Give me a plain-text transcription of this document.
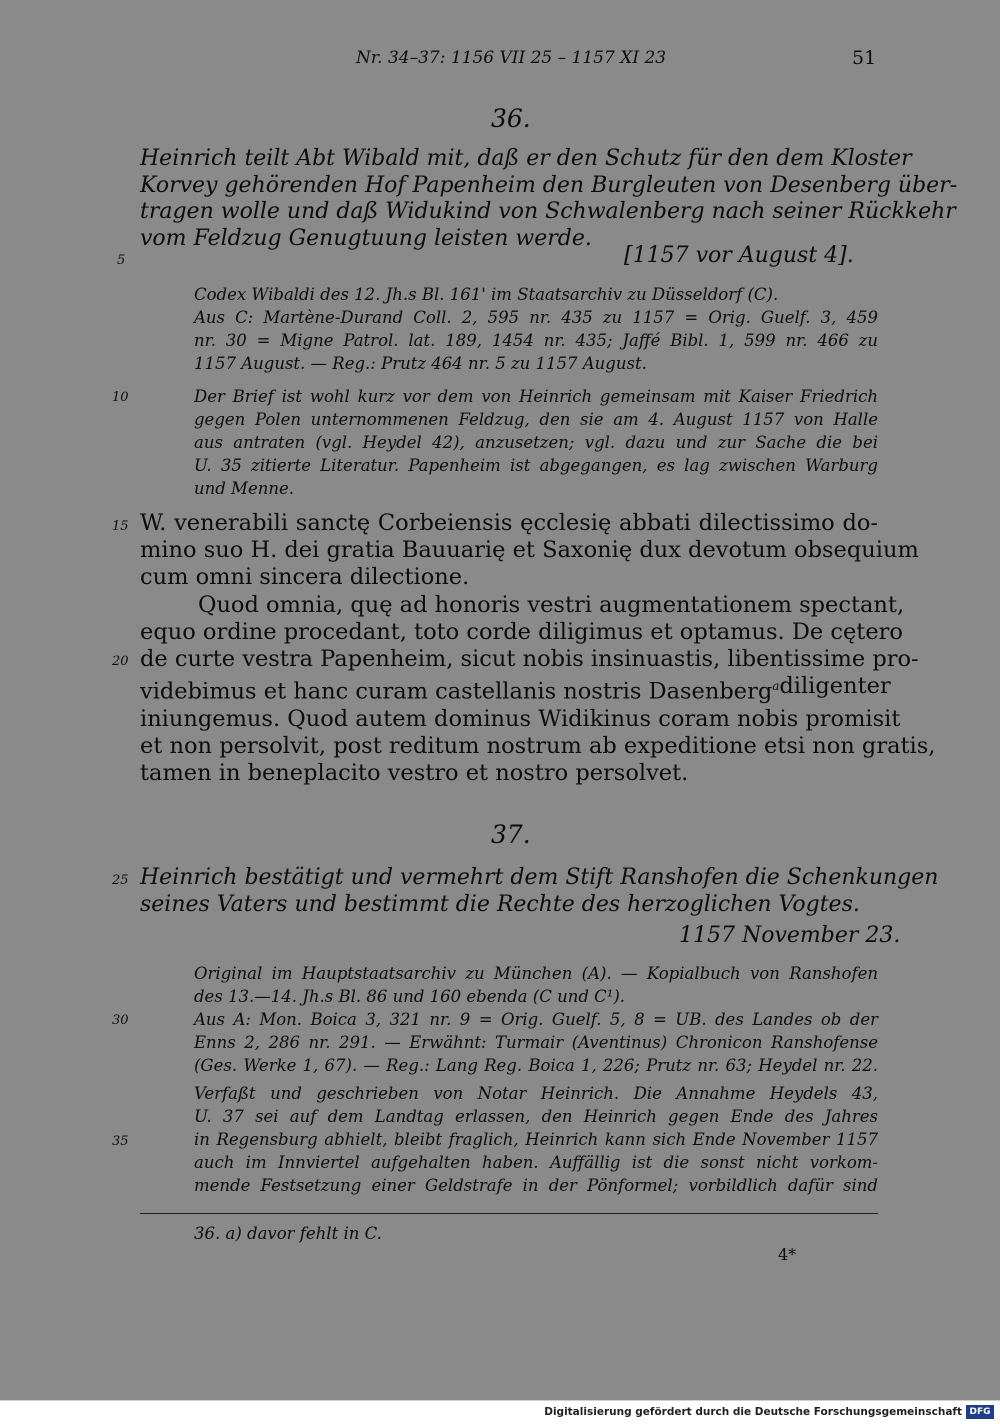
Nr. 34–37: 1156 VII 25 – 1157 XI 23	51
36.
Heinrich teilt Abt Wibald mit, daß er den Schutz für den dem Kloster
Korvey gehörenden Hof Papenheim den Burgleuten von Desenberg über-
tragen wolle und daß Widukind von Schwalenberg nach seiner Rückkehr
vom Feldzug Genugtuung leisten werde.
[1157 vor August 4].
Codex Wibaldi des 12. Jh.s Bl. 161' im Staatsarchiv zu Düsseldorf (C).
Aus C: Martène-Durand Coll. 2, 595 nr. 435 zu 1157 = Orig. Guelf. 3, 459
nr. 30 = Migne Patrol. lat. 189, 1454 nr. 435; Jaffé Bibl. 1, 599 nr. 466 zu
1157 August. — Reg.: Prutz 464 nr. 5 zu 1157 August.
Der Brief ist wohl kurz vor dem von Heinrich gemeinsam mit Kaiser Friedrich
gegen Polen unternommenen Feldzug, den sie am 4. August 1157 von Halle
aus antraten (vgl. Heydel 42), anzusetzen; vgl. dazu und zur Sache die bei
U. 35 zitierte Literatur. Papenheim ist abgegangen, es lag zwischen Warburg
und Menne.
W. venerabili sanctę Corbeiensis ęcclesię abbati dilectissimo do-
mino suo H. dei gratia Bauuarię et Saxonię dux devotum obsequium
cum omni sincera dilectione.
Quod omnia, quę ad honoris vestri augmentationem spectant,
equo ordine procedant, toto corde diligimus et optamus. De cętero
de curte vestra Papenheim, sicut nobis insinuastis, libentissime pro-
videbimus et hanc curam castellanis nostris Dasenberg$^a$ diligenter
iniungemus. Quod autem dominus Widikinus coram nobis promisit
et non persolvit, post reditum nostrum ab expeditione etsi non gratis,
tamen in beneplacito vestro et nostro persolvet.
37.
Heinrich bestätigt und vermehrt dem Stift Ranshofen die Schenkungen
seines Vaters und bestimmt die Rechte des herzoglichen Vogtes.
1157 November 23.
Original im Hauptstaatsarchiv zu München (A). — Kopialbuch von Ranshofen
des 13.—14. Jh.s Bl. 86 und 160 ebenda (C und C¹).
Aus A: Mon. Boica 3, 321 nr. 9 = Orig. Guelf. 5, 8 = UB. des Landes ob der
Enns 2, 286 nr. 291. — Erwähnt: Turmair (Aventinus) Chronicon Ranshofense
(Ges. Werke 1, 67). — Reg.: Lang Reg. Boica 1, 226; Prutz nr. 63; Heydel nr. 22.
Verfaßt und geschrieben von Notar Heinrich. Die Annahme Heydels 43,
U. 37 sei auf dem Landtag erlassen, den Heinrich gegen Ende des Jahres
in Regensburg abhielt, bleibt fraglich, Heinrich kann sich Ende November 1157
auch im Innviertel aufgehalten haben. Auffällig ist die sonst nicht vorkom-
mende Festsetzung einer Geldstrafe in der Pönformel; vorbildlich dafür sind
36. a) davor fehlt in C.
4*
5
10
15
20
25
30
35
Digitalisierung gefördert durch die Deutsche Forschungsgemeinschaft DFG
